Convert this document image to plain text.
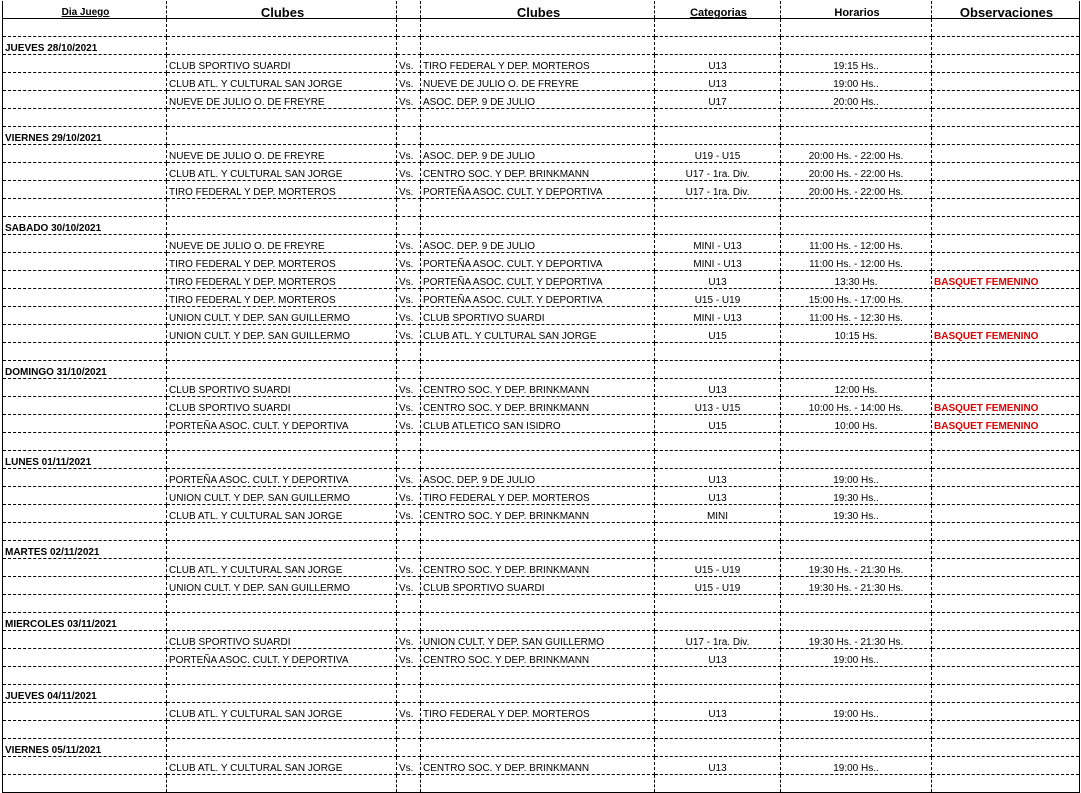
Dia Juego	Clubes		Clubes	Categorias	Horarios	Observaciones

JUEVES 28/10/2021						
	CLUB SPORTIVO SUARDI	Vs.	TIRO FEDERAL Y DEP. MORTEROS	U13	19:15 Hs..	
	CLUB ATL. Y CULTURAL SAN JORGE	Vs.	NUEVE DE JULIO O. DE FREYRE	U13	19:00 Hs..	
	NUEVE DE JULIO O. DE FREYRE	Vs.	ASOC. DEP. 9 DE JULIO	U17	20:00 Hs..	

VIERNES 29/10/2021						
	NUEVE DE JULIO O. DE FREYRE	Vs.	ASOC. DEP. 9 DE JULIO	U19 - U15	20:00 Hs. - 22:00 Hs.	
	CLUB ATL. Y CULTURAL SAN JORGE	Vs.	CENTRO SOC. Y DEP. BRINKMANN	U17 - 1ra. Div.	20:00 Hs. - 22:00 Hs.	
	TIRO FEDERAL Y DEP. MORTEROS	Vs.	PORTEÑA ASOC. CULT. Y DEPORTIVA	U17 - 1ra. Div.	20:00 Hs. - 22:00 Hs.	

SABADO 30/10/2021						
	NUEVE DE JULIO O. DE FREYRE	Vs.	ASOC. DEP. 9 DE JULIO	MINI - U13	11:00 Hs. - 12:00 Hs.	
	TIRO FEDERAL Y DEP. MORTEROS	Vs.	PORTEÑA ASOC. CULT. Y DEPORTIVA	MINI - U13	11:00 Hs. - 12:00 Hs.	
	TIRO FEDERAL Y DEP. MORTEROS	Vs.	PORTEÑA ASOC. CULT. Y DEPORTIVA	U13	13:30 Hs.	BASQUET FEMENINO
	TIRO FEDERAL Y DEP. MORTEROS	Vs.	PORTEÑA ASOC. CULT. Y DEPORTIVA	U15 - U19	15:00 Hs. - 17:00 Hs.	
	UNION CULT. Y DEP. SAN GUILLERMO	Vs.	CLUB SPORTIVO SUARDI	MINI - U13	11:00 Hs. - 12:30 Hs.	
	UNION CULT. Y DEP. SAN GUILLERMO	Vs.	CLUB ATL. Y CULTURAL SAN JORGE	U15	10:15 Hs.	BASQUET FEMENINO

DOMINGO 31/10/2021						
	CLUB SPORTIVO SUARDI	Vs.	CENTRO SOC. Y DEP. BRINKMANN	U13	12:00 Hs.	
	CLUB SPORTIVO SUARDI	Vs.	CENTRO SOC. Y DEP. BRINKMANN	U13 - U15	10:00 Hs. - 14:00 Hs.	BASQUET FEMENINO
	PORTEÑA ASOC. CULT. Y DEPORTIVA	Vs.	CLUB ATLETICO SAN ISIDRO	U15	10:00 Hs.	BASQUET FEMENINO

LUNES 01/11/2021						
	PORTEÑA ASOC. CULT. Y DEPORTIVA	Vs.	ASOC. DEP. 9 DE JULIO	U13	19:00 Hs..	
	UNION CULT. Y DEP. SAN GUILLERMO	Vs.	TIRO FEDERAL Y DEP. MORTEROS	U13	19:30 Hs..	
	CLUB ATL. Y CULTURAL SAN JORGE	Vs.	CENTRO SOC. Y DEP. BRINKMANN	MINI	19:30 Hs..	

MARTES 02/11/2021						
	CLUB ATL. Y CULTURAL SAN JORGE	Vs.	CENTRO SOC. Y DEP. BRINKMANN	U15 - U19	19:30 Hs. - 21:30 Hs.	
	UNION CULT. Y DEP. SAN GUILLERMO	Vs.	CLUB SPORTIVO SUARDI	U15 - U19	19:30 Hs. - 21:30 Hs.	

MIERCOLES 03/11/2021						
	CLUB SPORTIVO SUARDI	Vs.	UNION CULT. Y DEP. SAN GUILLERMO	U17 - 1ra. Div.	19:30 Hs. - 21:30 Hs.	
	PORTEÑA ASOC. CULT. Y DEPORTIVA	Vs.	CENTRO SOC. Y DEP. BRINKMANN	U13	19:00 Hs..	

JUEVES 04/11/2021						
	CLUB ATL. Y CULTURAL SAN JORGE	Vs.	TIRO FEDERAL Y DEP. MORTEROS	U13	19:00 Hs..	

VIERNES 05/11/2021						
	CLUB ATL. Y CULTURAL SAN JORGE	Vs.	CENTRO SOC. Y DEP. BRINKMANN	U13	19:00 Hs..	
